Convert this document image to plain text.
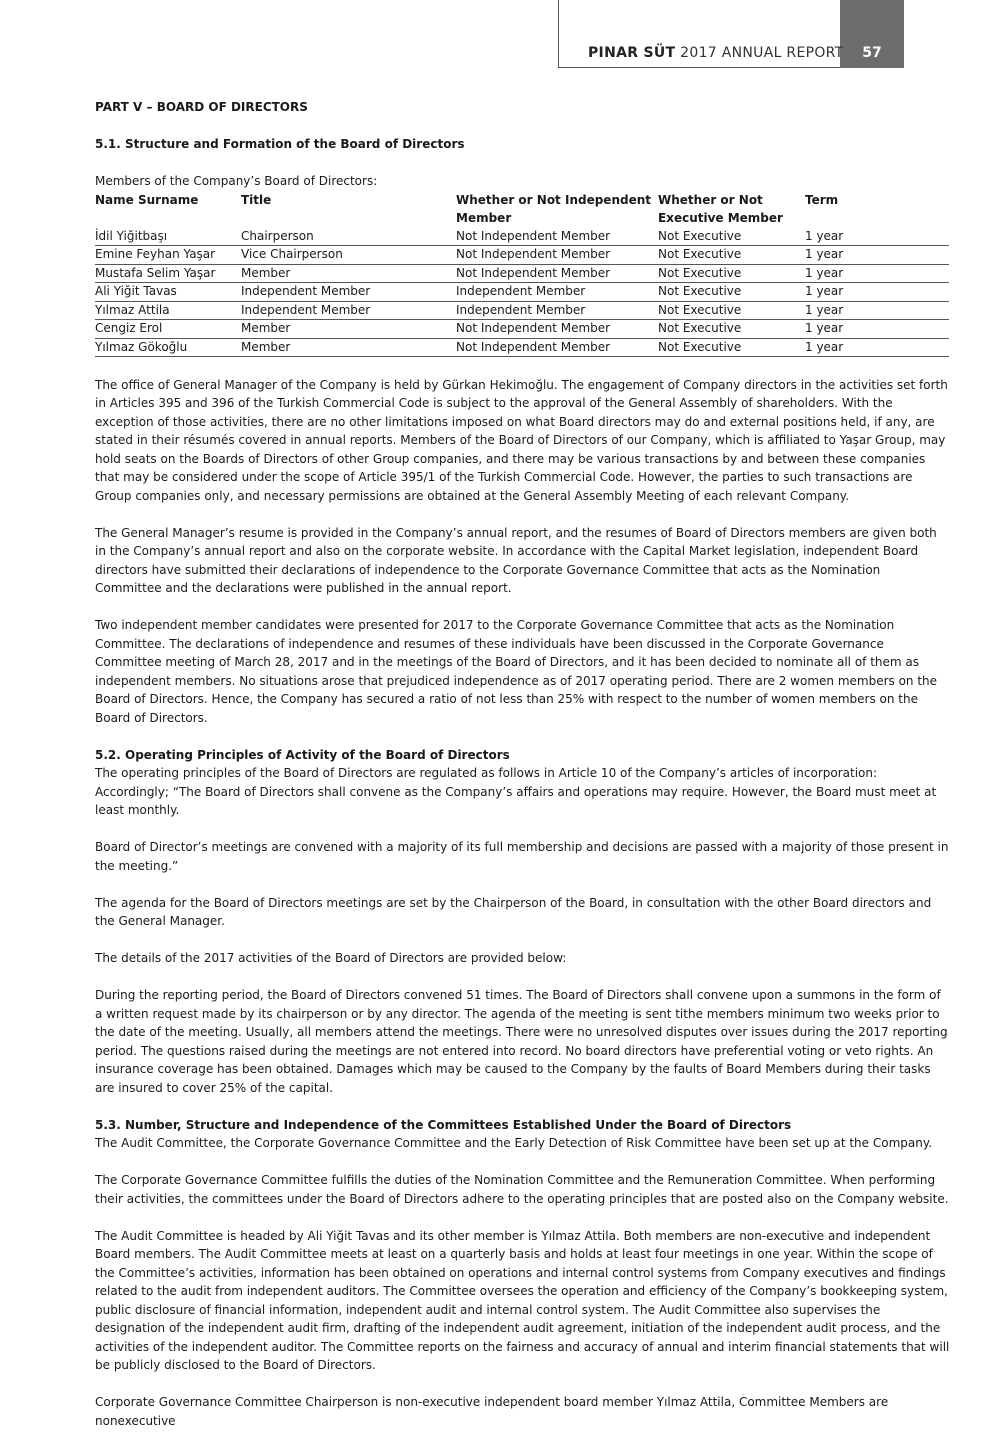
PINAR SÜT 2017 ANNUAL REPORT	57
PART V – BOARD OF DIRECTORS
5.1. Structure and Formation of the Board of Directors
Members of the Company’s Board of Directors:
Name Surname	Title	Whether or Not Independent Member	Whether or Not Executive Member	Term
İdil Yiğitbaşı	Chairperson	Not Independent Member	Not Executive	1 year
Emine Feyhan Yaşar	Vice Chairperson	Not Independent Member	Not Executive	1 year
Mustafa Selim Yaşar	Member	Not Independent Member	Not Executive	1 year
Ali Yiğit Tavas	Independent Member	Independent Member	Not Executive	1 year
Yılmaz Attila	Independent Member	Independent Member	Not Executive	1 year
Cengiz Erol	Member	Not Independent Member	Not Executive	1 year
Yılmaz Gökoğlu	Member	Not Independent Member	Not Executive	1 year

The office of General Manager of the Company is held by Gürkan Hekimoğlu. The engagement of Company directors in the activities set forth in Articles 395 and 396 of the Turkish Commercial Code is subject to the approval of the General Assembly of shareholders. With the exception of those activities, there are no other limitations imposed on what Board directors may do and external positions held, if any, are stated in their résumés covered in annual reports. Members of the Board of Directors of our Company, which is affiliated to Yaşar Group, may hold seats on the Boards of Directors of other Group companies, and there may be various transactions by and between these companies that may be considered under the scope of Article 395/1 of the Turkish Commercial Code. However, the parties to such transactions are Group companies only, and necessary permissions are obtained at the General Assembly Meeting of each relevant Company.

The General Manager’s resume is provided in the Company’s annual report, and the resumes of Board of Directors members are given both in the Company’s annual report and also on the corporate website. In accordance with the Capital Market legislation, independent Board directors have submitted their declarations of independence to the Corporate Governance Committee that acts as the Nomination Committee and the declarations were published in the annual report.

Two independent member candidates were presented for 2017 to the Corporate Governance Committee that acts as the Nomination Committee. The declarations of independence and resumes of these individuals have been discussed in the Corporate Governance Committee meeting of March 28, 2017 and in the meetings of the Board of Directors, and it has been decided to nominate all of them as independent members. No situations arose that prejudiced independence as of 2017 operating period. There are 2 women members on the Board of Directors. Hence, the Company has secured a ratio of not less than 25% with respect to the number of women members on the Board of Directors.

5.2. Operating Principles of Activity of the Board of Directors

The operating principles of the Board of Directors are regulated as follows in Article 10 of the Company’s articles of incorporation: Accordingly; “The Board of Directors shall convene as the Company’s affairs and operations may require. However, the Board must meet at least monthly.

Board of Director’s meetings are convened with a majority of its full membership and decisions are passed with a majority of those present in the meeting.”

The agenda for the Board of Directors meetings are set by the Chairperson of the Board, in consultation with the other Board directors and the General Manager.

The details of the 2017 activities of the Board of Directors are provided below:

During the reporting period, the Board of Directors convened 51 times. The Board of Directors shall convene upon a summons in the form of a written request made by its chairperson or by any director. The agenda of the meeting is sent tithe members minimum two weeks prior to the date of the meeting. Usually, all members attend the meetings. There were no unresolved disputes over issues during the 2017 reporting period. The questions raised during the meetings are not entered into record. No board directors have preferential voting or veto rights. An insurance coverage has been obtained. Damages which may be caused to the Company by the faults of Board Members during their tasks are insured to cover 25% of the capital.

5.3. Number, Structure and Independence of the Committees Established Under the Board of Directors

The Audit Committee, the Corporate Governance Committee and the Early Detection of Risk Committee have been set up at the Company.

The Corporate Governance Committee fulfills the duties of the Nomination Committee and the Remuneration Committee. When performing their activities, the committees under the Board of Directors adhere to the operating principles that are posted also on the Company website.

The Audit Committee is headed by Ali Yiğit Tavas and its other member is Yılmaz Attila. Both members are non-executive and independent Board members. The Audit Committee meets at least on a quarterly basis and holds at least four meetings in one year. Within the scope of the Committee’s activities, information has been obtained on operations and internal control systems from Company executives and findings related to the audit from independent auditors. The Committee oversees the operation and efficiency of the Company’s bookkeeping system, public disclosure of financial information, independent audit and internal control system. The Audit Committee also supervises the designation of the independent audit firm, drafting of the independent audit agreement, initiation of the independent audit process, and the activities of the independent auditor. The Committee reports on the fairness and accuracy of annual and interim financial statements that will be publicly disclosed to the Board of Directors.

Corporate Governance Committee Chairperson is non-executive independent board member Yılmaz Attila, Committee Members are nonexecutive
